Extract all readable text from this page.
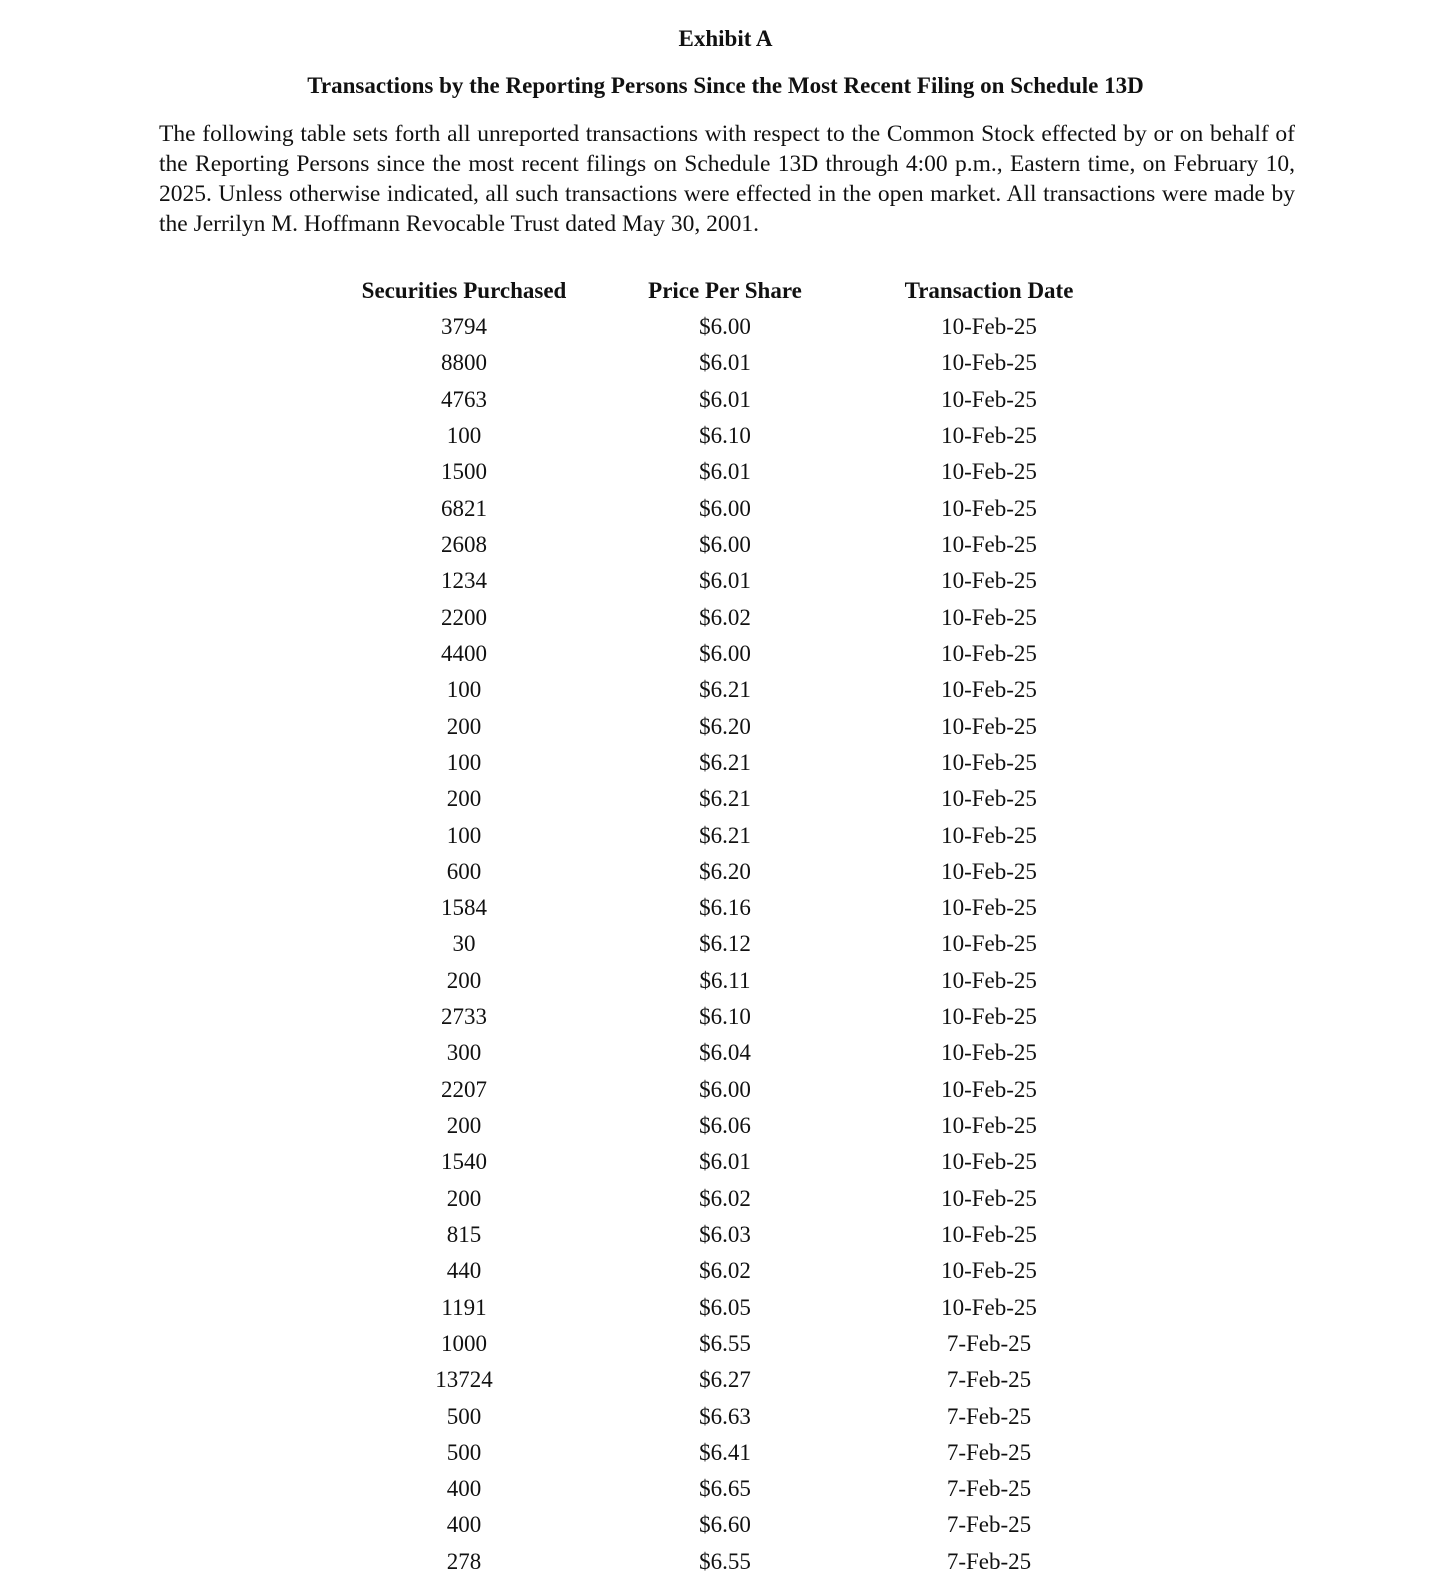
Exhibit A
Transactions by the Reporting Persons Since the Most Recent Filing on Schedule 13D

The following table sets forth all unreported transactions with respect to the Common Stock effected by or on behalf of the Reporting Persons since the most recent filings on Schedule 13D through 4:00 p.m., Eastern time, on February 10, 2025. Unless otherwise indicated, all such transactions were effected in the open market. All transactions were made by the Jerrilyn M. Hoffmann Revocable Trust dated May 30, 2001.

Securities Purchased	Price Per Share	Transaction Date
3794	$6.00	10-Feb-25
8800	$6.01	10-Feb-25
4763	$6.01	10-Feb-25
100	$6.10	10-Feb-25
1500	$6.01	10-Feb-25
6821	$6.00	10-Feb-25
2608	$6.00	10-Feb-25
1234	$6.01	10-Feb-25
2200	$6.02	10-Feb-25
4400	$6.00	10-Feb-25
100	$6.21	10-Feb-25
200	$6.20	10-Feb-25
100	$6.21	10-Feb-25
200	$6.21	10-Feb-25
100	$6.21	10-Feb-25
600	$6.20	10-Feb-25
1584	$6.16	10-Feb-25
30	$6.12	10-Feb-25
200	$6.11	10-Feb-25
2733	$6.10	10-Feb-25
300	$6.04	10-Feb-25
2207	$6.00	10-Feb-25
200	$6.06	10-Feb-25
1540	$6.01	10-Feb-25
200	$6.02	10-Feb-25
815	$6.03	10-Feb-25
440	$6.02	10-Feb-25
1191	$6.05	10-Feb-25
1000	$6.55	7-Feb-25
13724	$6.27	7-Feb-25
500	$6.63	7-Feb-25
500	$6.41	7-Feb-25
400	$6.65	7-Feb-25
400	$6.60	7-Feb-25
278	$6.55	7-Feb-25
